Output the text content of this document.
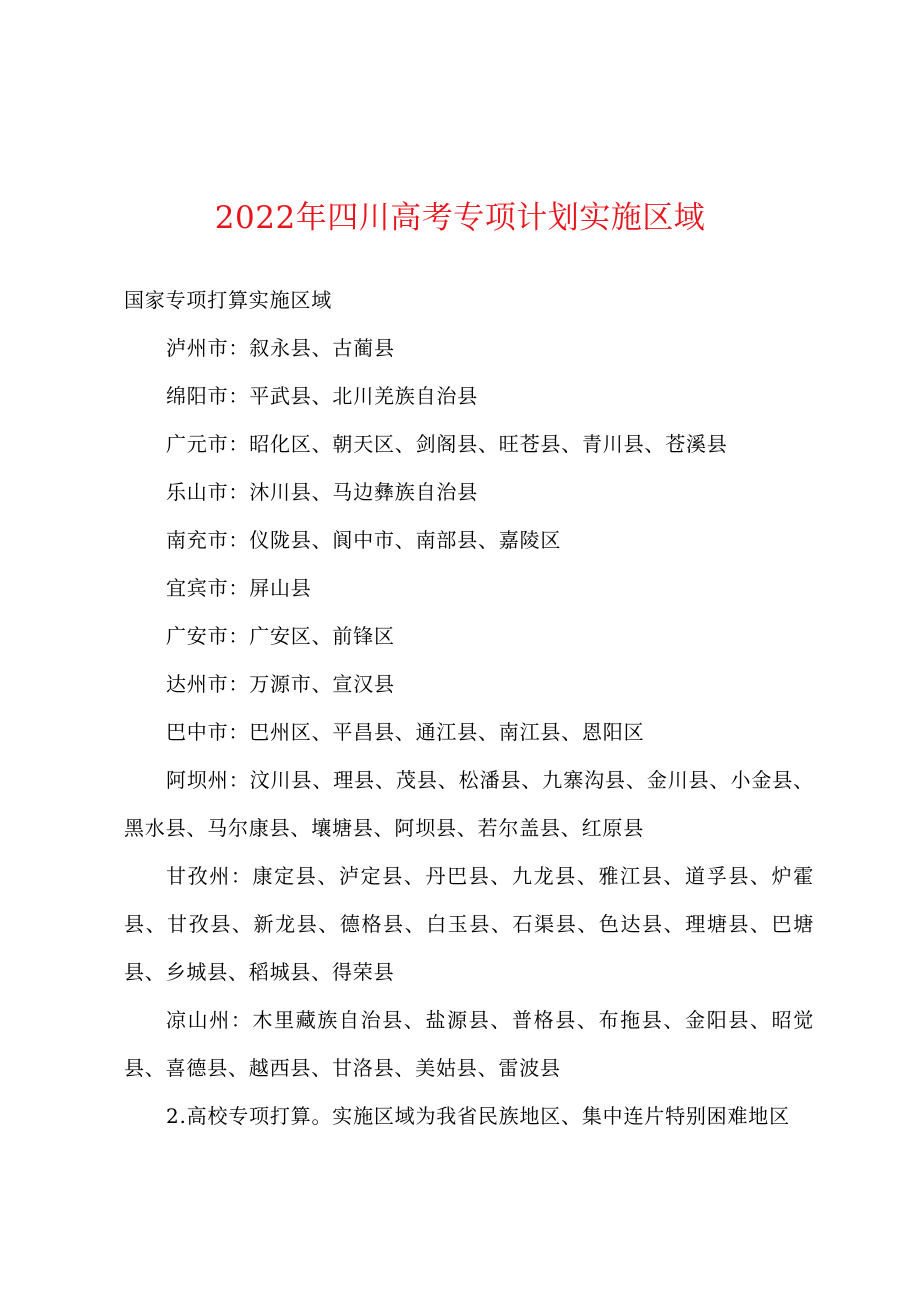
2022年四川高考专项计划实施区域

国家专项打算实施区域

泸州市：叙永县、古蔺县

绵阳市：平武县、北川羌族自治县

广元市：昭化区、朝天区、剑阁县、旺苍县、青川县、苍溪县

乐山市：沐川县、马边彝族自治县

南充市：仪陇县、阆中市、南部县、嘉陵区

宜宾市：屏山县

广安市：广安区、前锋区

达州市：万源市、宣汉县

巴中市：巴州区、平昌县、通江县、南江县、恩阳区

阿坝州：汶川县、理县、茂县、松潘县、九寨沟县、金川县、小金县、黑水县、马尔康县、壤塘县、阿坝县、若尔盖县、红原县

甘孜州：康定县、泸定县、丹巴县、九龙县、雅江县、道孚县、炉霍县、甘孜县、新龙县、德格县、白玉县、石渠县、色达县、理塘县、巴塘县、乡城县、稻城县、得荣县

凉山州：木里藏族自治县、盐源县、普格县、布拖县、金阳县、昭觉县、喜德县、越西县、甘洛县、美姑县、雷波县

2.高校专项打算。实施区域为我省民族地区、集中连片特别困难地区
